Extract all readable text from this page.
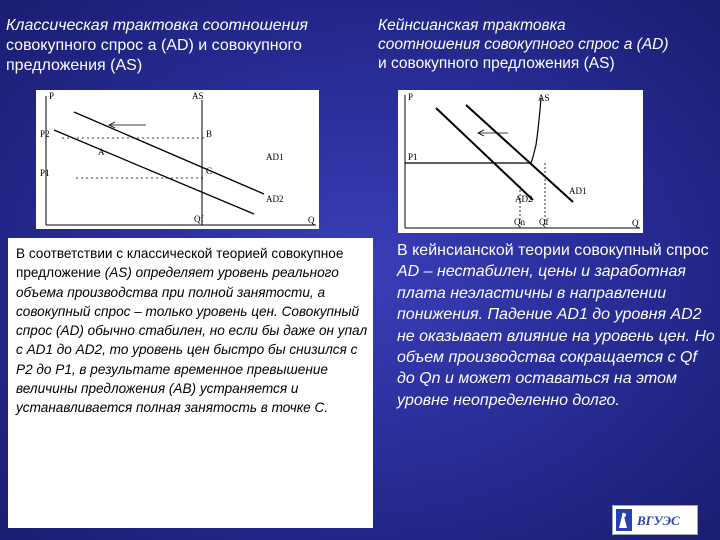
Классическая трактовка соотношения
совокупного спрос а (AD) и совокупного
предложения (AS)
Кейнсианская трактовка
соотношения совокупного спрос а (AD)
и совокупного предложения (AS)
P
Q
AS
AD1
AD2
P2
P1
A
B
C
Qf
P
Q
AS
AD1
AD2
P1
Qn Qf
В соответствии с классической теорией совокупное предложение (AS) определяет уровень реального объема производства при полной занятости, а совокупный спрос – только уровень цен. Совокупный спрос (AD) обычно стабилен, но если бы даже он упал с AD1 до AD2, то уровень цен быстро бы снизился с Р2 до Р1, в результате временное превышение величины предложения (АВ) устраняется и устанавливается полная занятость в точке С.
В кейнсианской теории совокупный спрос AD – нестабилен, цены и заработная плата неэластичны в направлении понижения. Падение AD1 до уровня AD2 не оказывает влияние на уровень цен. Но объем производства сокращается с Qf до Qn и может оставаться на этом уровне неопределенно долго.
ВГУЭС
